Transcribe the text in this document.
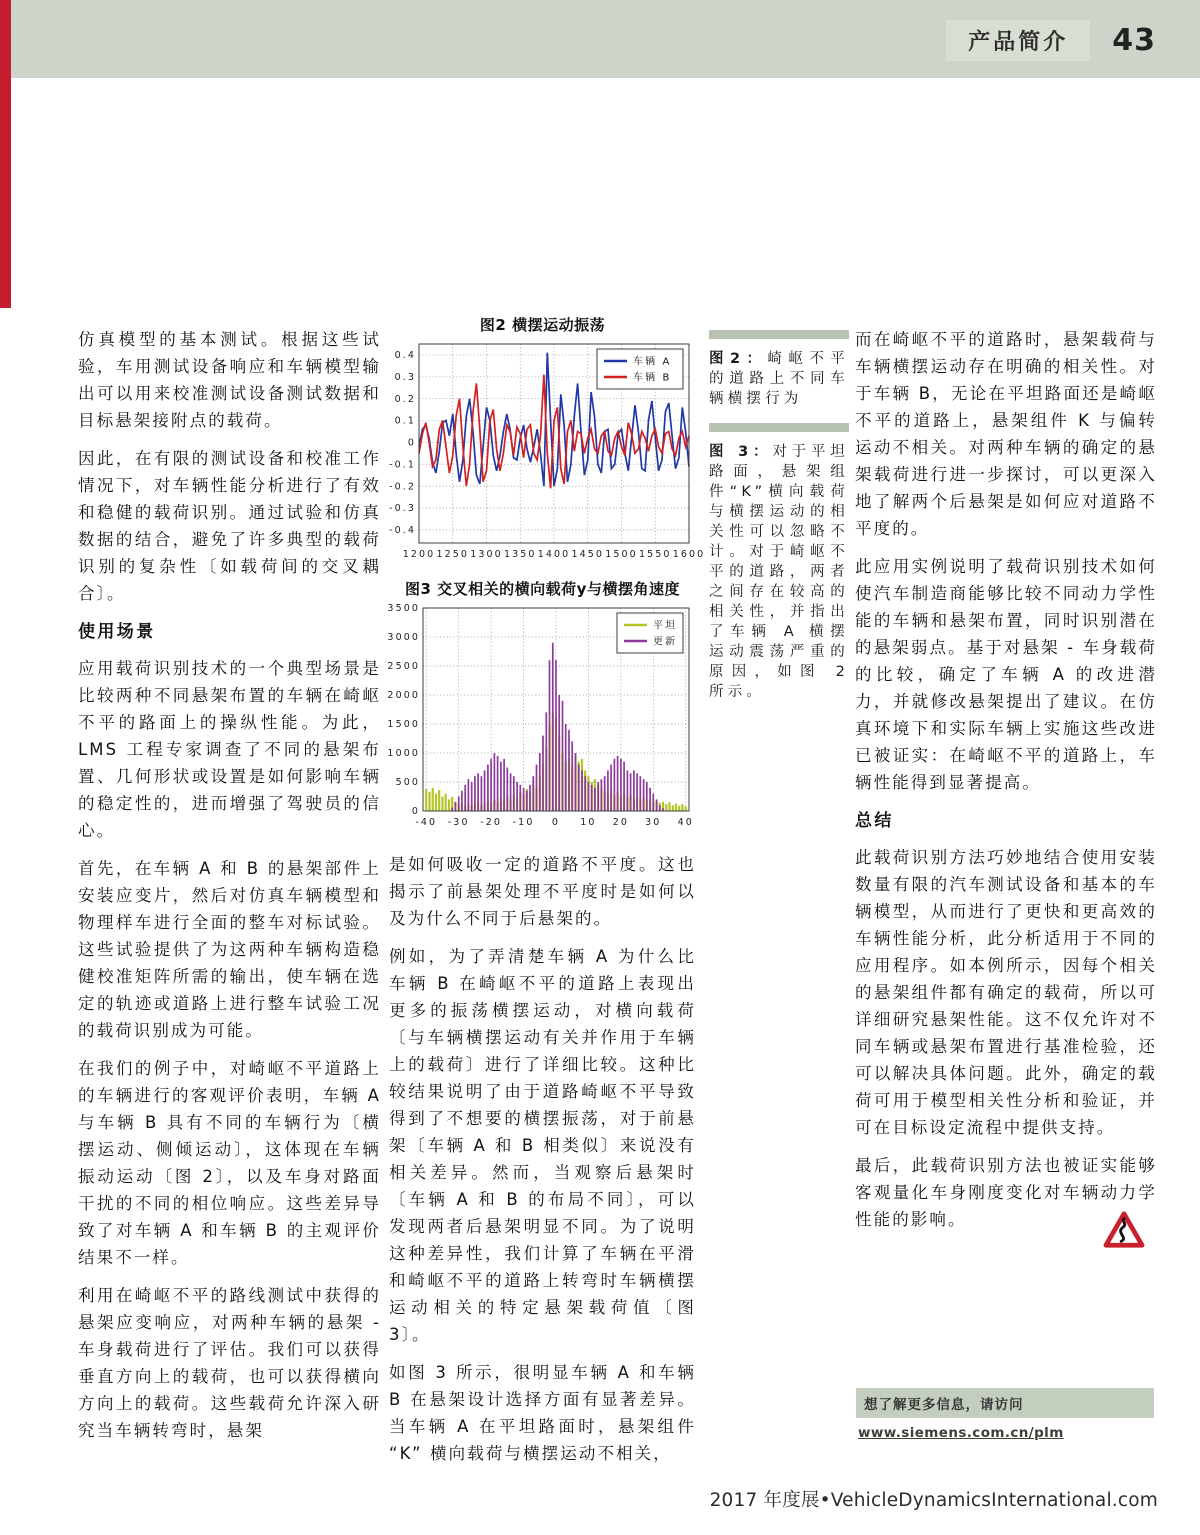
产品简介	43

仿真模型的基本测试。根据这些试验，车用测试设备响应和车辆模型输出可以用来校准测试设备测试数据和目标悬架接附点的载荷。

因此，在有限的测试设备和校准工作情况下，对车辆性能分析进行了有效和稳健的载荷识别。通过试验和仿真数据的结合，避免了许多典型的载荷识别的复杂性〔如载荷间的交叉耦合〕。

使用场景

应用载荷识别技术的一个典型场景是比较两种不同悬架布置的车辆在崎岖不平的路面上的操纵性能。为此，LMS 工程专家调查了不同的悬架布置、几何形状或设置是如何影响车辆的稳定性的，进而增强了驾驶员的信心。

首先，在车辆 A 和 B 的悬架部件上安装应变片，然后对仿真车辆模型和物理样车进行全面的整车对标试验。这些试验提供了为这两种车辆构造稳健校准矩阵所需的输出，使车辆在选定的轨迹或道路上进行整车试验工况的载荷识别成为可能。

在我们的例子中，对崎岖不平道路上的车辆进行的客观评价表明，车辆 A 与车辆 B 具有不同的车辆行为〔横摆运动、侧倾运动〕，这体现在车辆振动运动〔图 2〕，以及车身对路面干扰的不同的相位响应。这些差异导致了对车辆 A 和车辆 B 的主观评价结果不一样。

利用在崎岖不平的路线测试中获得的悬架应变响应，对两种车辆的悬架 - 车身载荷进行了评估。我们可以获得垂直方向上的载荷，也可以获得横向方向上的载荷。这些载荷允许深入研究当车辆转弯时，悬架

图2 横摆运动振荡
1200 1250 1300 1350 1400 1450 1500 1550 1600
-0.4
-0.3
-0.2
-0.1
0
0.1
0.2
0.3
0.4
车辆 A
车辆 B
图3 交叉相关的横向载荷y与横摆角速度
-40 -30 -20 -10 0 10 20 30 40
0
500
1000
1500
2000
2500
3000
3500
平坦
更新

是如何吸收一定的道路不平度。这也揭示了前悬架处理不平度时是如何以及为什么不同于后悬架的。

例如，为了弄清楚车辆 A 为什么比车辆 B 在崎岖不平的道路上表现出更多的振荡横摆运动，对横向载荷〔与车辆横摆运动有关并作用于车辆上的载荷〕进行了详细比较。这种比较结果说明了由于道路崎岖不平导致得到了不想要的横摆振荡，对于前悬架〔车辆 A 和 B 相类似〕来说没有相关差异。然而，当观察后悬架时〔车辆 A 和 B 的布局不同〕，可以发现两者后悬架明显不同。为了说明这种差异性，我们计算了车辆在平滑和崎岖不平的道路上转弯时车辆横摆运动相关的特定悬架载荷值〔图 3〕。

如图 3 所示，很明显车辆 A 和车辆 B 在悬架设计选择方面有显著差异。当车辆 A 在平坦路面时，悬架组件 “K” 横向载荷与横摆运动不相关，

图2：崎岖不平的道路上不同车辆横摆行为

图 3：对于平坦路面，悬架组件“K”横向载荷与横摆运动的相关性可以忽略不计。对于崎岖不平的道路，两者之间存在较高的相关性，并指出了车辆 A 横摆运动震荡严重的原因，如图 2 所示。

而在崎岖不平的道路时，悬架载荷与车辆横摆运动存在明确的相关性。对于车辆 B，无论在平坦路面还是崎岖不平的道路上，悬架组件 K 与偏转运动不相关。对两种车辆的确定的悬架载荷进行进一步探讨，可以更深入地了解两个后悬架是如何应对道路不平度的。

此应用实例说明了载荷识别技术如何使汽车制造商能够比较不同动力学性能的车辆和悬架布置，同时识别潜在的悬架弱点。基于对悬架 - 车身载荷的比较，确定了车辆 A 的改进潜力，并就修改悬架提出了建议。在仿真环境下和实际车辆上实施这些改进已被证实：在崎岖不平的道路上，车辆性能得到显著提高。

总结

此载荷识别方法巧妙地结合使用安装数量有限的汽车测试设备和基本的车辆模型，从而进行了更快和更高效的车辆性能分析，此分析适用于不同的应用程序。如本例所示，因每个相关的悬架组件都有确定的载荷，所以可详细研究悬架性能。这不仅允许对不同车辆或悬架布置进行基准检验，还可以解决具体问题。此外，确定的载荷可用于模型相关性分析和验证，并可在目标设定流程中提供支持。

最后，此载荷识别方法也被证实能够客观量化车身刚度变化对车辆动力学性能的影响。

想了解更多信息，请访问
www.siemens.com.cn/plm
2017 年度展•VehicleDynamicsInternational.com
